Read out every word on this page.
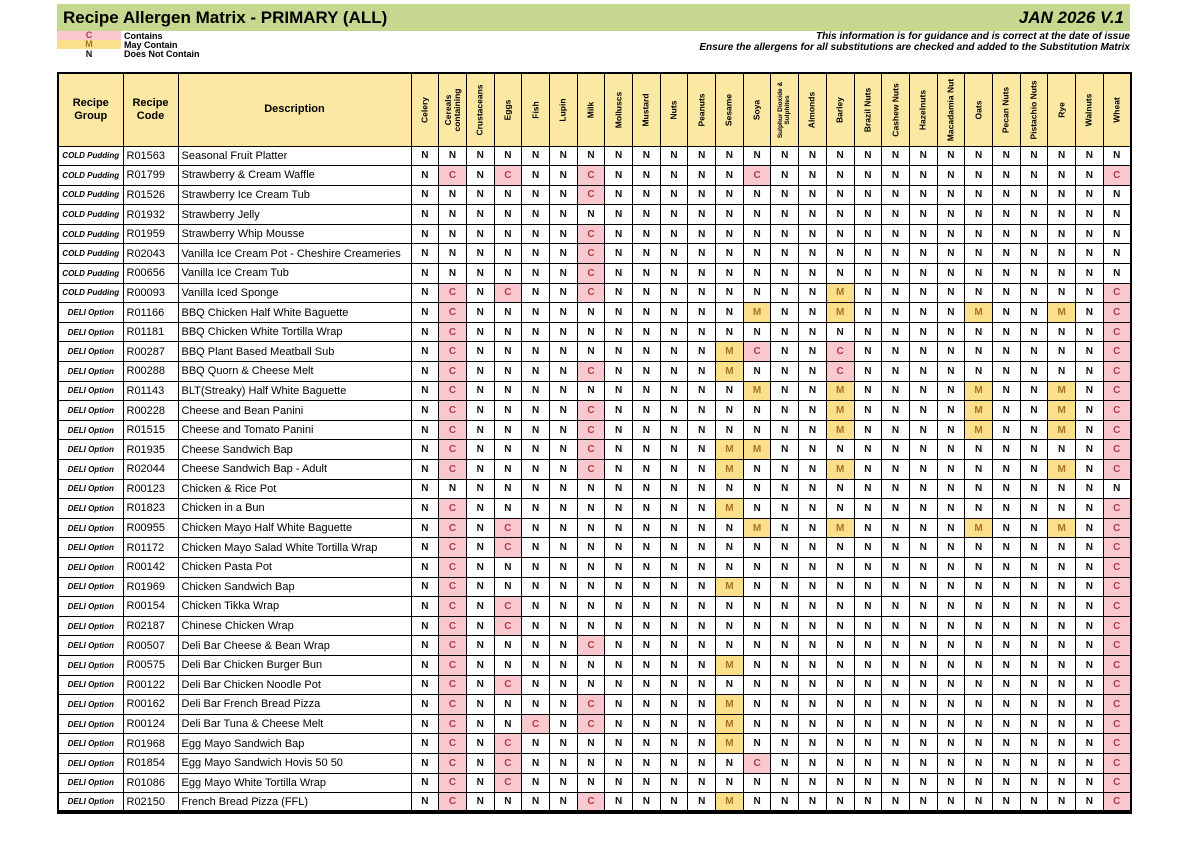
Recipe Allergen Matrix - PRIMARY (ALL)	JAN 2026 V.1
C	Contains
M	May Contain
N	Does Not Contain
This information is for guidance and is correct at the date of issue
Ensure the allergens for all substitutions are checked and added to the Substitution Matrix
Recipe Group	Recipe Code	Description	Celery	Cereals containing	Crustaceans	Eggs	Fish	Lupin	Milk	Molluscs	Mustard	Nuts	Peanuts	Sesame	Soya	Sulphur Dioxide & Sulphites	Almonds	Barley	Brazil Nuts	Cashew Nuts	Hazelnuts	Macadamia Nut	Oats	Pecan Nuts	Pistachio Nuts	Rye	Walnuts	Wheat

COLD Pudding	R01563	Seasonal Fruit Platter	N	N	N	N	N	N	N	N	N	N	N	N	N	N	N	N	N	N	N	N	N	N	N	N	N	N
COLD Pudding	R01799	Strawberry & Cream Waffle	N	C	N	C	N	N	C	N	N	N	N	N	C	N	N	N	N	N	N	N	N	N	N	N	N	C
COLD Pudding	R01526	Strawberry Ice Cream Tub	N	N	N	N	N	N	C	N	N	N	N	N	N	N	N	N	N	N	N	N	N	N	N	N	N	N
COLD Pudding	R01932	Strawberry Jelly	N	N	N	N	N	N	N	N	N	N	N	N	N	N	N	N	N	N	N	N	N	N	N	N	N	N
COLD Pudding	R01959	Strawberry Whip Mousse	N	N	N	N	N	N	C	N	N	N	N	N	N	N	N	N	N	N	N	N	N	N	N	N	N	N
COLD Pudding	R02043	Vanilla Ice Cream Pot - Cheshire Creameries	N	N	N	N	N	N	C	N	N	N	N	N	N	N	N	N	N	N	N	N	N	N	N	N	N	N
COLD Pudding	R00656	Vanilla Ice Cream Tub	N	N	N	N	N	N	C	N	N	N	N	N	N	N	N	N	N	N	N	N	N	N	N	N	N	N
COLD Pudding	R00093	Vanilla Iced Sponge	N	C	N	C	N	N	C	N	N	N	N	N	N	N	N	M	N	N	N	N	N	N	N	N	N	C
DELI Option	R01166	BBQ Chicken Half White Baguette	N	C	N	N	N	N	N	N	N	N	N	N	M	N	N	M	N	N	N	N	M	N	N	M	N	C
DELI Option	R01181	BBQ Chicken White Tortilla Wrap	N	C	N	N	N	N	N	N	N	N	N	N	N	N	N	N	N	N	N	N	N	N	N	N	N	C
DELI Option	R00287	BBQ Plant Based Meatball Sub	N	C	N	N	N	N	N	N	N	N	N	M	C	N	N	C	N	N	N	N	N	N	N	N	N	C
DELI Option	R00288	BBQ Quorn & Cheese Melt	N	C	N	N	N	N	C	N	N	N	N	M	N	N	N	C	N	N	N	N	N	N	N	N	N	C
DELI Option	R01143	BLT(Streaky) Half White Baguette	N	C	N	N	N	N	N	N	N	N	N	N	M	N	N	M	N	N	N	N	M	N	N	M	N	C
DELI Option	R00228	Cheese and Bean Panini	N	C	N	N	N	N	C	N	N	N	N	N	N	N	N	M	N	N	N	N	M	N	N	M	N	C
DELI Option	R01515	Cheese and Tomato Panini	N	C	N	N	N	N	C	N	N	N	N	N	N	N	N	M	N	N	N	N	M	N	N	M	N	C
DELI Option	R01935	Cheese Sandwich Bap	N	C	N	N	N	N	C	N	N	N	N	M	M	N	N	N	N	N	N	N	N	N	N	N	N	C
DELI Option	R02044	Cheese Sandwich Bap - Adult	N	C	N	N	N	N	C	N	N	N	N	M	N	N	N	M	N	N	N	N	N	N	N	M	N	C
DELI Option	R00123	Chicken & Rice Pot	N	N	N	N	N	N	N	N	N	N	N	N	N	N	N	N	N	N	N	N	N	N	N	N	N	N
DELI Option	R01823	Chicken in a Bun	N	C	N	N	N	N	N	N	N	N	N	M	N	N	N	N	N	N	N	N	N	N	N	N	N	C
DELI Option	R00955	Chicken Mayo Half White Baguette	N	C	N	C	N	N	N	N	N	N	N	N	M	N	N	M	N	N	N	N	M	N	N	M	N	C
DELI Option	R01172	Chicken Mayo Salad White Tortilla Wrap	N	C	N	C	N	N	N	N	N	N	N	N	N	N	N	N	N	N	N	N	N	N	N	N	N	C
DELI Option	R00142	Chicken Pasta Pot	N	C	N	N	N	N	N	N	N	N	N	N	N	N	N	N	N	N	N	N	N	N	N	N	N	C
DELI Option	R01969	Chicken Sandwich Bap	N	C	N	N	N	N	N	N	N	N	N	M	N	N	N	N	N	N	N	N	N	N	N	N	N	C
DELI Option	R00154	Chicken Tikka Wrap	N	C	N	C	N	N	N	N	N	N	N	N	N	N	N	N	N	N	N	N	N	N	N	N	N	C
DELI Option	R02187	Chinese Chicken Wrap	N	C	N	C	N	N	N	N	N	N	N	N	N	N	N	N	N	N	N	N	N	N	N	N	N	C
DELI Option	R00507	Deli Bar Cheese & Bean Wrap	N	C	N	N	N	N	C	N	N	N	N	N	N	N	N	N	N	N	N	N	N	N	N	N	N	C
DELI Option	R00575	Deli Bar Chicken Burger Bun	N	C	N	N	N	N	N	N	N	N	N	M	N	N	N	N	N	N	N	N	N	N	N	N	N	C
DELI Option	R00122	Deli Bar Chicken Noodle Pot	N	C	N	C	N	N	N	N	N	N	N	N	N	N	N	N	N	N	N	N	N	N	N	N	N	C
DELI Option	R00162	Deli Bar French Bread Pizza	N	C	N	N	N	N	C	N	N	N	N	M	N	N	N	N	N	N	N	N	N	N	N	N	N	C
DELI Option	R00124	Deli Bar Tuna & Cheese Melt	N	C	N	N	C	N	C	N	N	N	N	M	N	N	N	N	N	N	N	N	N	N	N	N	N	C
DELI Option	R01968	Egg Mayo Sandwich Bap	N	C	N	C	N	N	N	N	N	N	N	M	N	N	N	N	N	N	N	N	N	N	N	N	N	C
DELI Option	R01854	Egg Mayo Sandwich Hovis 50 50	N	C	N	C	N	N	N	N	N	N	N	N	C	N	N	N	N	N	N	N	N	N	N	N	N	C
DELI Option	R01086	Egg Mayo White Tortilla Wrap	N	C	N	C	N	N	N	N	N	N	N	N	N	N	N	N	N	N	N	N	N	N	N	N	N	C
DELI Option	R02150	French Bread Pizza (FFL)	N	C	N	N	N	N	C	N	N	N	N	M	N	N	N	N	N	N	N	N	N	N	N	N	N	C
